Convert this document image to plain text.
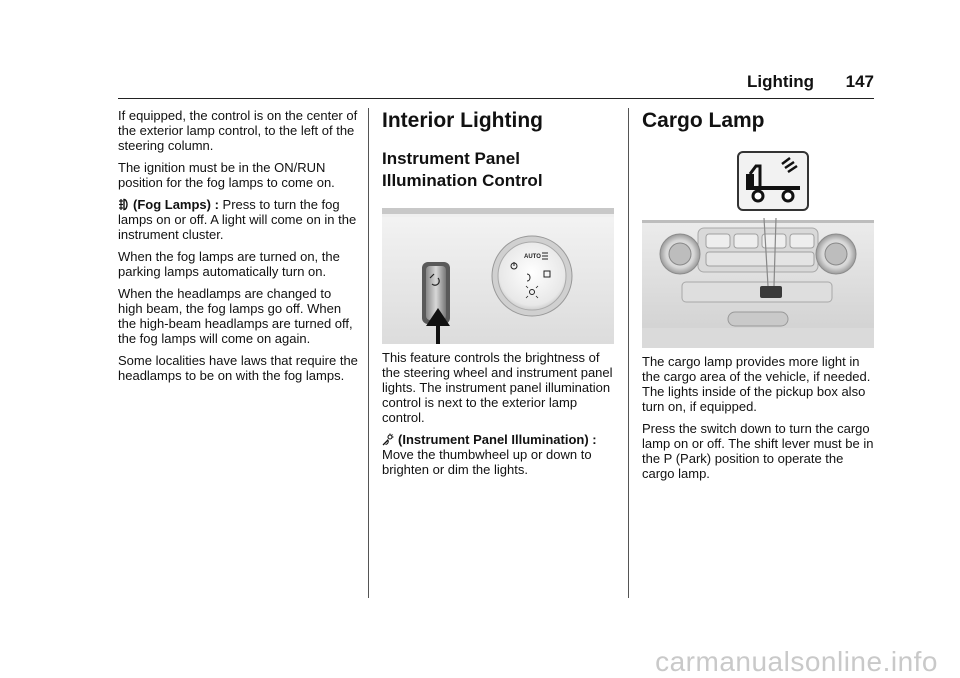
Lighting 147

If equipped, the control is on the center of the exterior lamp control, to the left of the steering column.

The ignition must be in the ON/RUN position for the fog lamps to come on.

(Fog Lamps) : Press to turn the fog lamps on or off. A light will come on in the instrument cluster.

When the fog lamps are turned on, the parking lamps automatically turn on.

When the headlamps are changed to high beam, the fog lamps go off. When the high-beam headlamps are turned off, the fog lamps will come on again.

Some localities have laws that require the headlamps to be on with the fog lamps.

Interior Lighting
Instrument Panel
Illumination Control
AUTO

This feature controls the brightness of the steering wheel and instrument panel lights. The instrument panel illumination control is next to the exterior lamp control.

(Instrument Panel Illumination) : Move the thumbwheel up or down to brighten or dim the lights.

Cargo Lamp

The cargo lamp provides more light in the cargo area of the vehicle, if needed. The lights inside of the pickup box also turn on, if equipped.

Press the switch down to turn the cargo lamp on or off. The shift lever must be in the P (Park) position to operate the cargo lamp.

carmanualsonline.info
